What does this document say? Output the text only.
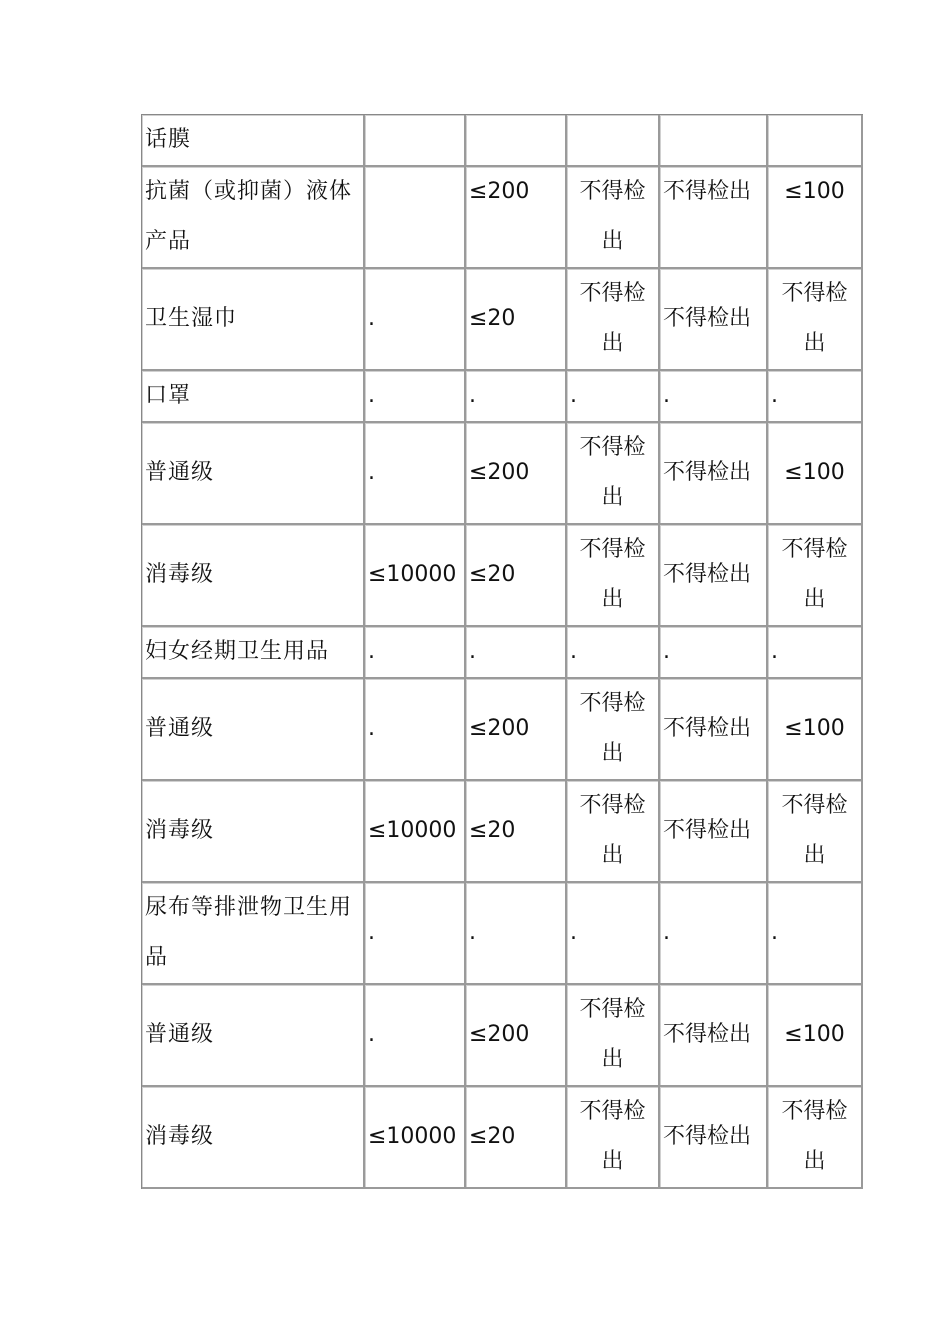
话膜					
抗菌（或抑菌）液体产品		≤200	不得检出	不得检出	≤100
卫生湿巾	.	≤20	不得检出	不得检出	不得检出
口罩	.	.	.	.	.
普通级	.	≤200	不得检出	不得检出	≤100
消毒级	≤10000	≤20	不得检出	不得检出	不得检出
妇女经期卫生用品	.	.	.	.	.
普通级	.	≤200	不得检出	不得检出	≤100
消毒级	≤10000	≤20	不得检出	不得检出	不得检出
尿布等排泄物卫生用品	.	.	.	.	.
普通级	.	≤200	不得检出	不得检出	≤100
消毒级	≤10000	≤20	不得检出	不得检出	不得检出
